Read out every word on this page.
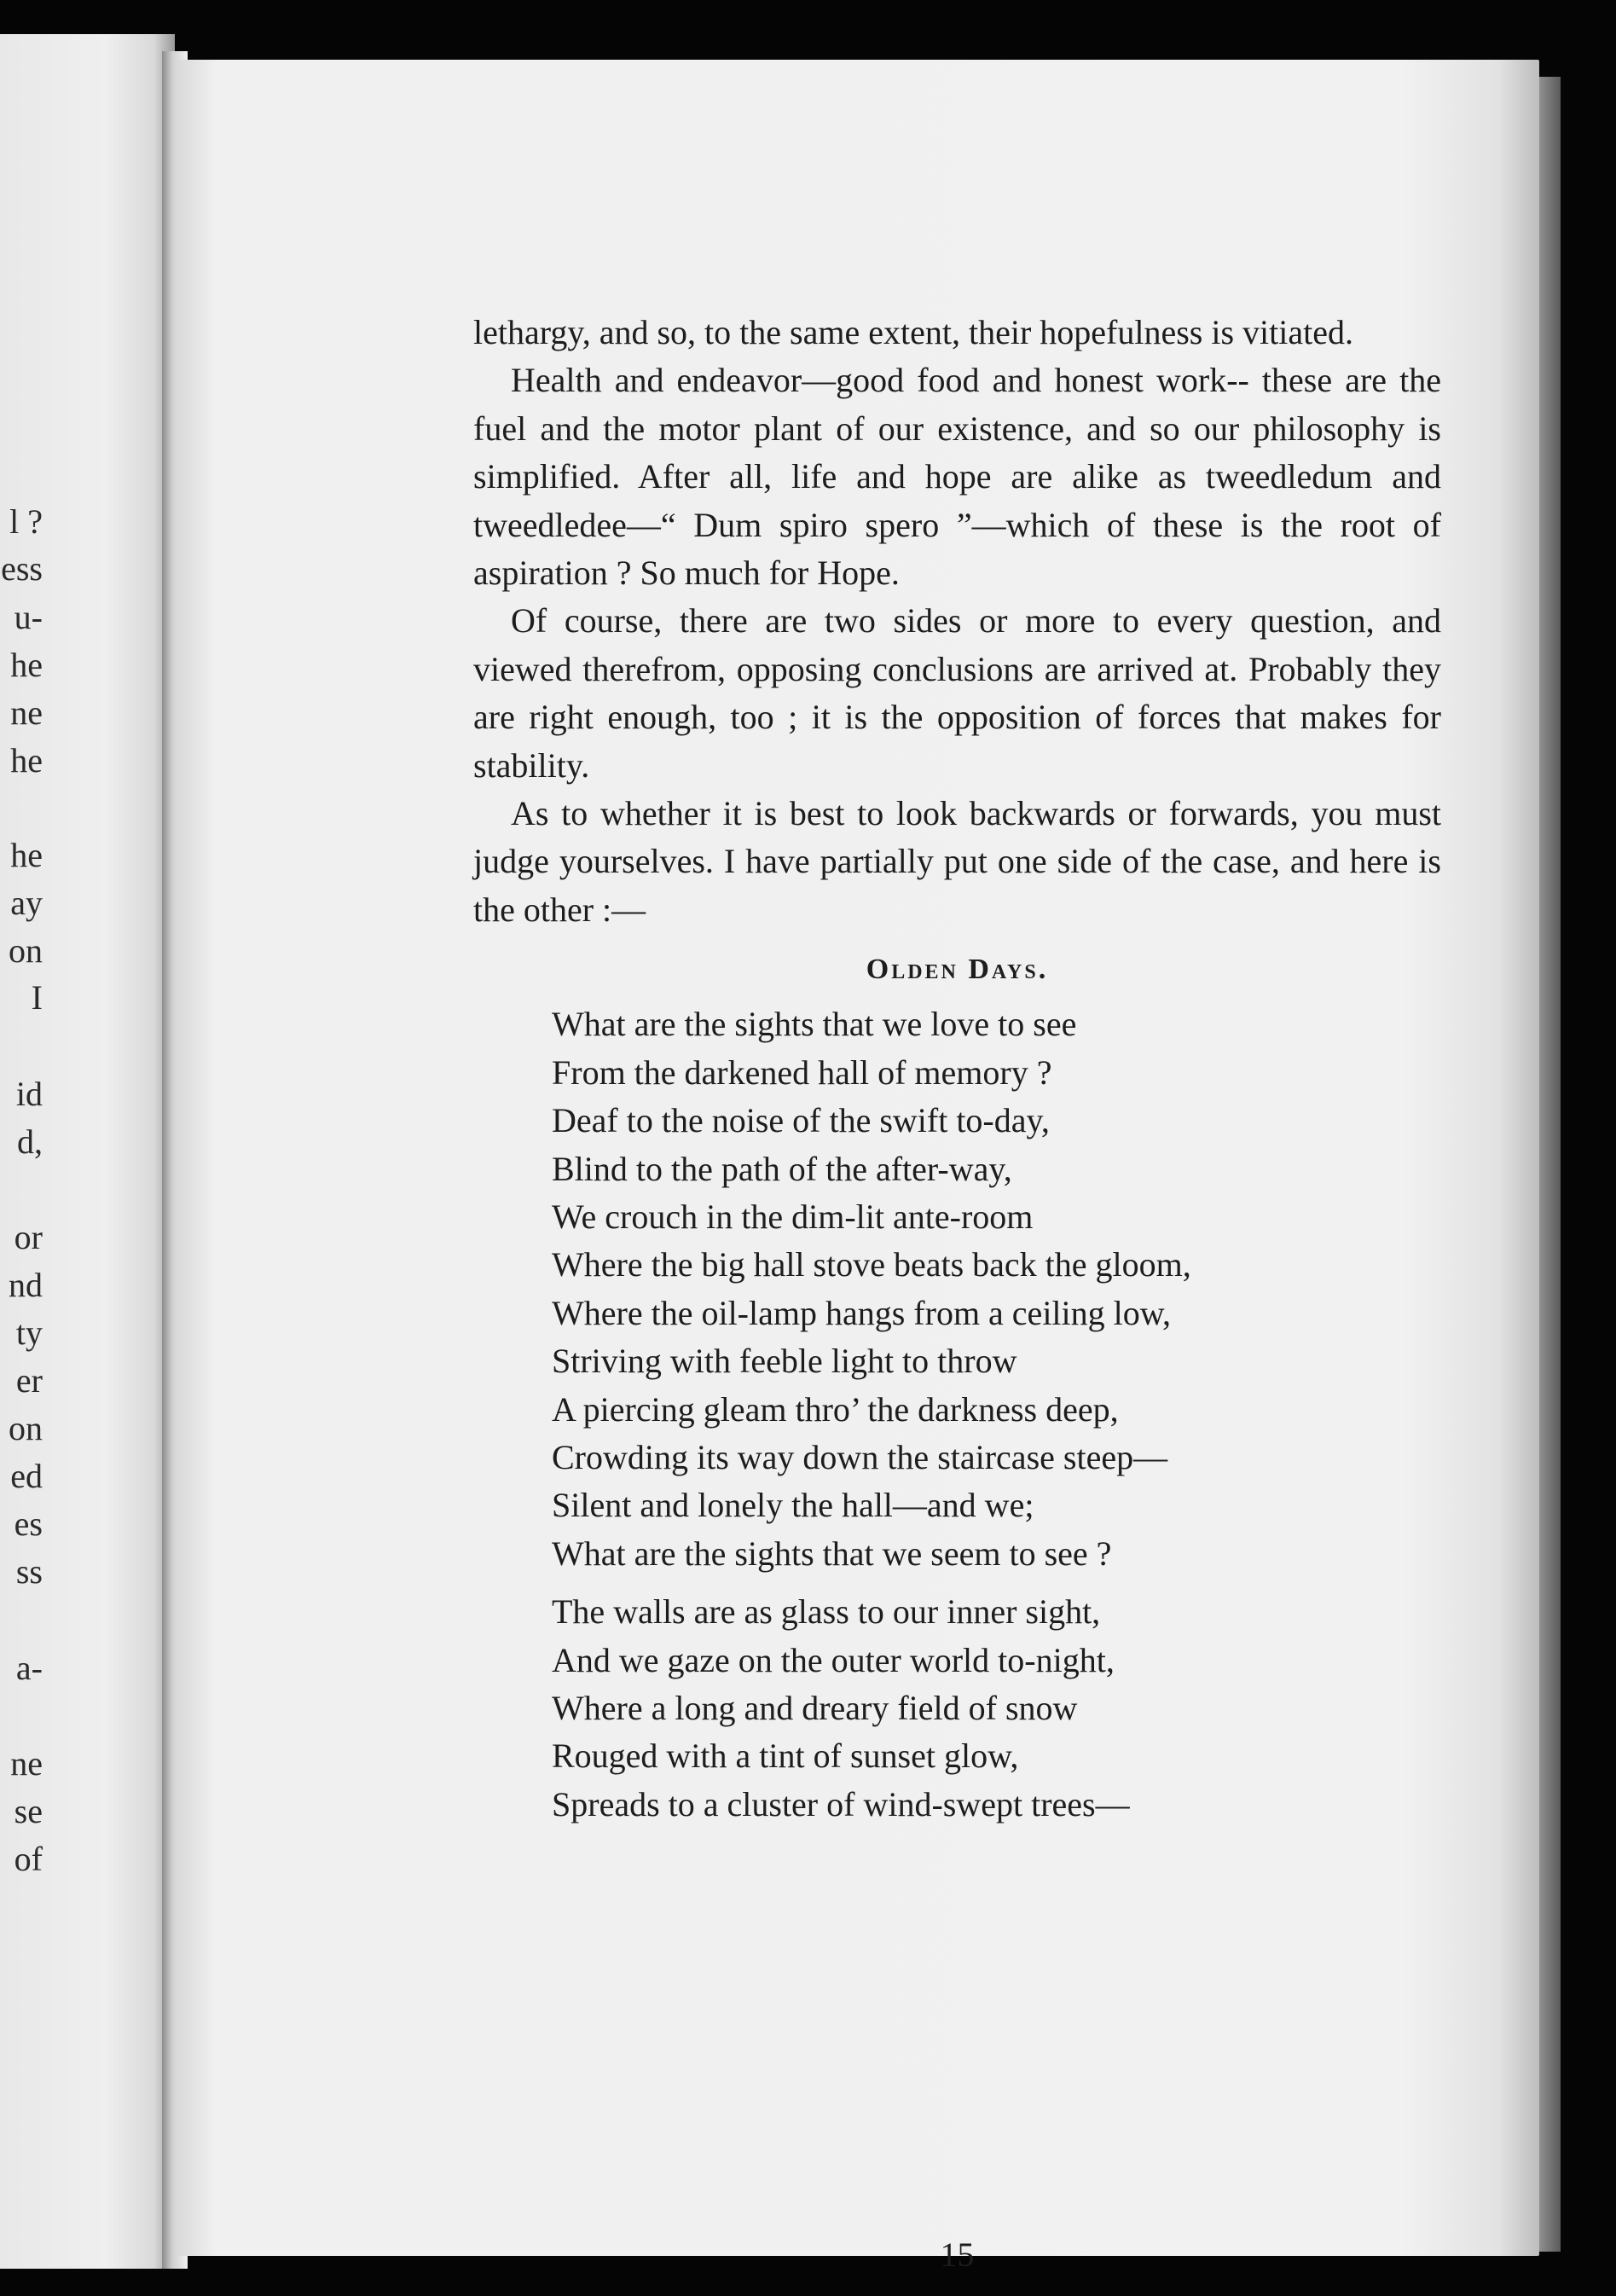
l ?
ess
u-
he
ne
he
he
ay
on
I
id
d,
or
nd
ty
er
on
ed
es
ss
a-
ne
se
of

lethargy, and so, to the same extent, their hopefulness is vitiated.

Health and endeavor—good food and honest work-- these are the fuel and the motor plant of our existence, and so our philosophy is simplified. After all, life and hope are alike as tweedledum and tweedledee—“ Dum spiro spero ”—which of these is the root of aspiration ? So much for Hope.

Of course, there are two sides or more to every question, and viewed therefrom, opposing conclusions are arrived at. Probably they are right enough, too ; it is the opposition of forces that makes for stability.

As to whether it is best to look backwards or forwards, you must judge yourselves. I have partially put one side of the case, and here is the other :—

Olden Days.
What are the sights that we love to see
From the darkened hall of memory ?
Deaf to the noise of the swift to-day,
Blind to the path of the after-way,
We crouch in the dim-lit ante-room
Where the big hall stove beats back the gloom,
Where the oil-lamp hangs from a ceiling low,
Striving with feeble light to throw
A piercing gleam thro’ the darkness deep,
Crowding its way down the staircase steep—
Silent and lonely the hall—and we;
What are the sights that we seem to see ?
The walls are as glass to our inner sight,
And we gaze on the outer world to-night,
Where a long and dreary field of snow
Rouged with a tint of sunset glow,
Spreads to a cluster of wind-swept trees—
15
